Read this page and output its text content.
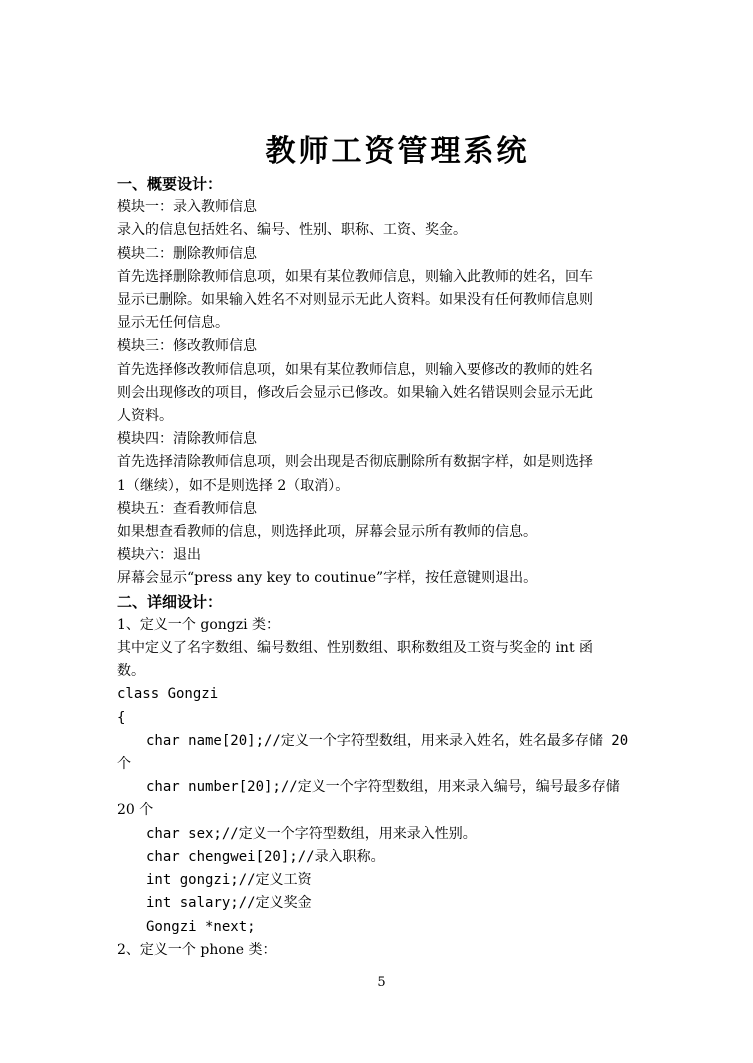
教师工资管理系统

一、概要设计：

模块一：录入教师信息

录入的信息包括姓名、编号、性别、职称、工资、奖金。

模块二：删除教师信息

首先选择删除教师信息项，如果有某位教师信息，则输入此教师的姓名，回车

显示已删除。如果输入姓名不对则显示无此人资料。如果没有任何教师信息则

显示无任何信息。

模块三：修改教师信息

首先选择修改教师信息项，如果有某位教师信息，则输入要修改的教师的姓名

则会出现修改的项目，修改后会显示已修改。如果输入姓名错误则会显示无此

人资料。

模块四：清除教师信息

首先选择清除教师信息项，则会出现是否彻底删除所有数据字样，如是则选择

1（继续），如不是则选择 2（取消）。

模块五：查看教师信息

如果想查看教师的信息，则选择此项，屏幕会显示所有教师的信息。

模块六：退出

屏幕会显示“press any key to coutinue”字样，按任意键则退出。

二、详细设计：

1、定义一个 gongzi 类：

其中定义了名字数组、编号数组、性别数组、职称数组及工资与奖金的 int 函

数。

class Gongzi

{

char name[20];//定义一个字符型数组，用来录入姓名，姓名最多存储 20

个

char number[20];//定义一个字符型数组，用来录入编号，编号最多存储

20 个

char sex;//定义一个字符型数组，用来录入性别。

char chengwei[20];//录入职称。

int gongzi;//定义工资

int salary;//定义奖金

Gongzi *next;

2、定义一个 phone 类：

5
